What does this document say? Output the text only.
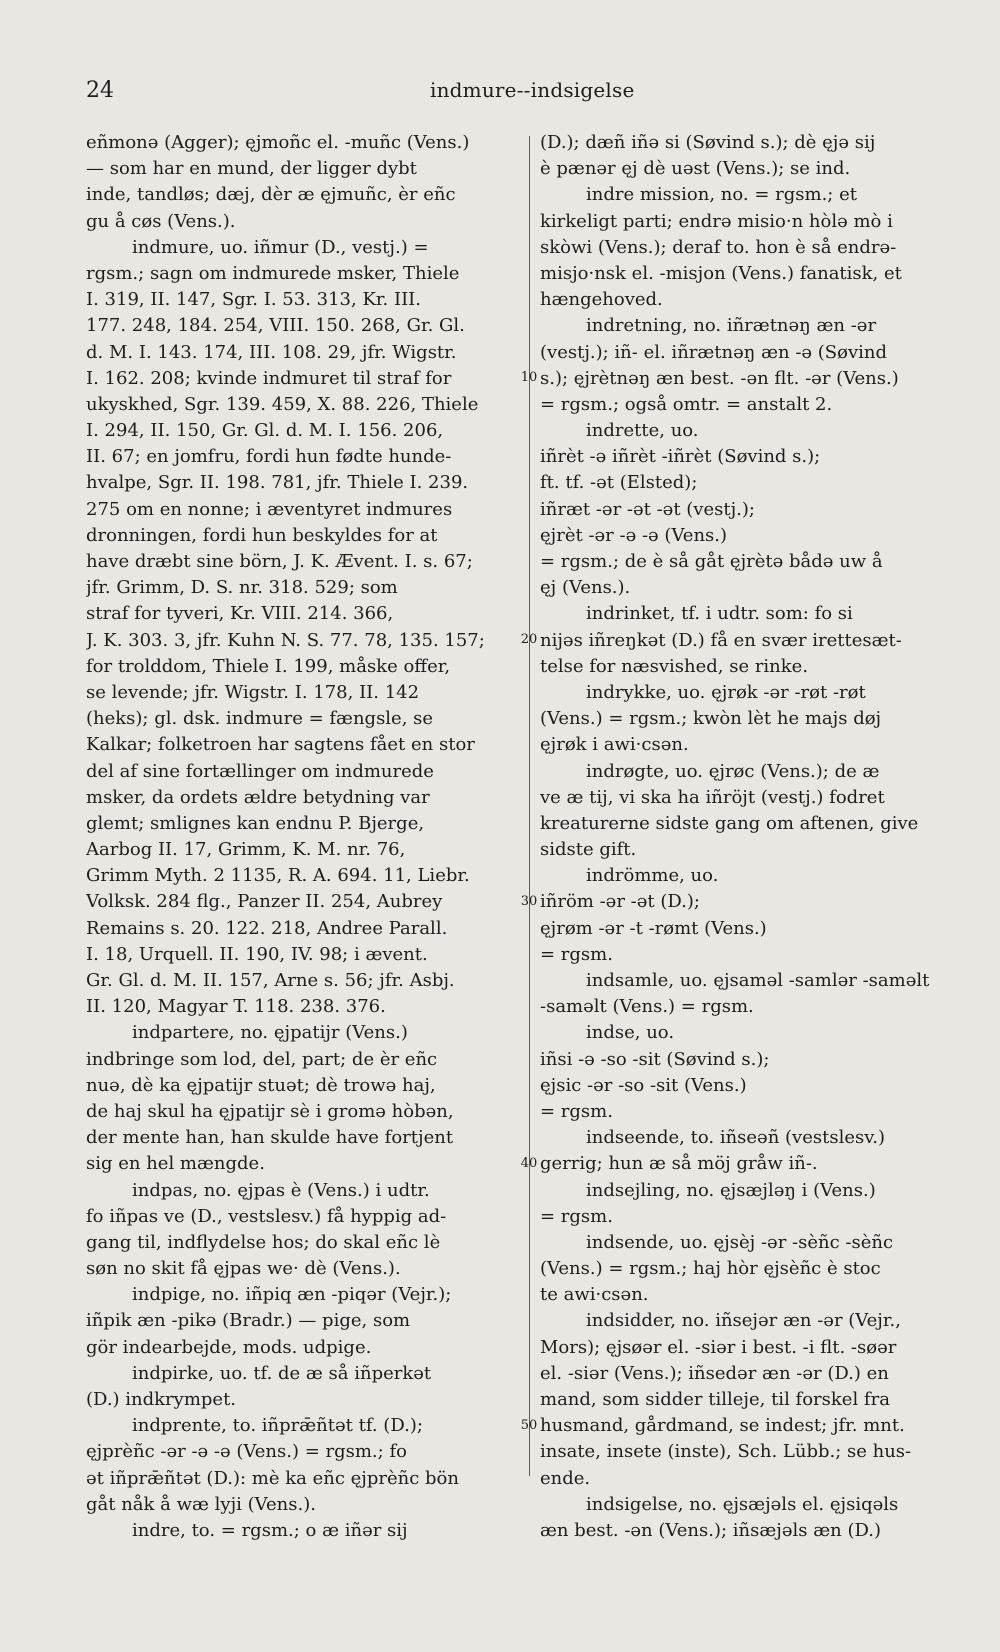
24	indmure--indsigelse
eñmonə (Agger); ęjmoñc el. -muñc (Vens.)
— som har en mund, der ligger dybt
inde, tandløs; dæj, dèr æ ęjmuñc, èr eñc
gu å cøs (Vens.).
indmure, uo. iñmur (D., vestj.) =
rgsm.; sagn om indmurede msker, Thiele
I. 319, II. 147, Sgr. I. 53. 313, Kr. III.
177. 248, 184. 254, VIII. 150. 268, Gr. Gl.
d. M. I. 143. 174, III. 108. 29, jfr. Wigstr.
I. 162. 208; kvinde indmuret til straf for
ukyskhed, Sgr. 139. 459, X. 88. 226, Thiele
I. 294, II. 150, Gr. Gl. d. M. I. 156. 206,
II. 67; en jomfru, fordi hun fødte hunde-
hvalpe, Sgr. II. 198. 781, jfr. Thiele I. 239.
275 om en nonne; i æventyret indmures
dronningen, fordi hun beskyldes for at
have dræbt sine börn, J. K. Ævent. I. s. 67;
jfr. Grimm, D. S. nr. 318. 529; som
straf for tyveri, Kr. VIII. 214. 366,
J. K. 303. 3, jfr. Kuhn N. S. 77. 78, 135. 157;
for trolddom, Thiele I. 199, måske offer,
se levende; jfr. Wigstr. I. 178, II. 142
(heks); gl. dsk. indmure = fængsle, se
Kalkar; folketroen har sagtens fået en stor
del af sine fortællinger om indmurede
msker, da ordets ældre betydning var
glemt; smlignes kan endnu P. Bjerge,
Aarbog II. 17, Grimm, K. M. nr. 76,
Grimm Myth. 2 1135, R. A. 694. 11, Liebr.
Volksk. 284 flg., Panzer II. 254, Aubrey
Remains s. 20. 122. 218, Andree Parall.
I. 18, Urquell. II. 190, IV. 98; i ævent.
Gr. Gl. d. M. II. 157, Arne s. 56; jfr. Asbj.
II. 120, Magyar T. 118. 238. 376.
indpartere, no. ęjpatijr (Vens.)
indbringe som lod, del, part; de èr eñc
nuə, dè ka ęjpatijr stuət; dè trowə haj,
de haj skul ha ęjpatijr sè i gromə hòbən,
der mente han, han skulde have fortjent
sig en hel mængde.
indpas, no. ęjpas è (Vens.) i udtr.
fo iñpas ve (D., vestslesv.) få hyppig ad-
gang til, indflydelse hos; do skal eñc lè
søn no skit få ęjpas we· dè (Vens.).
indpige, no. iñpiq æn -piqər (Vejr.);
iñpik æn -pikə (Bradr.) — pige, som
gör indearbejde, mods. udpige.
indpirke, uo. tf. de æ så iñperkət
(D.) indkrympet.
indprente, to. iñprǣñtət tf. (D.);
ęjprèñc -ər -ə -ə (Vens.) = rgsm.; fo
ət iñprǣñtət (D.): mè ka eñc ęjprèñc bön
gåt nåk å wæ lyji (Vens.).
indre, to. = rgsm.; o æ iñər sij
(D.); dæñ iñə si (Søvind s.); dè ęjə sij
è pænər ęj dè uəst (Vens.); se ind.
indre mission, no. = rgsm.; et
kirkeligt parti; endrə misio·n hòlə mò i
skòwi (Vens.); deraf to. hon è så endrə-
misjo·nsk el. -misjon (Vens.) fanatisk, et
hængehoved.
indretning, no. iñrætnəŋ æn -ər
(vestj.); iñ- el. iñrætnəŋ æn -ə (Søvind
s.); ęjrètnəŋ æn best. -ən flt. -ər (Vens.)
= rgsm.; også omtr. = anstalt 2.
indrette, uo.
iñrèt -ə iñrèt -iñrèt (Søvind s.);
ft. tf. -ət (Elsted);
iñræt -ər -ət -ət (vestj.);
ęjrèt -ər -ə -ə (Vens.)
= rgsm.; de è så gåt ęjrètə bådə uw å
ęj (Vens.).
indrinket, tf. i udtr. som: fo si
nijəs iñreŋkət (D.) få en svær irettesæt-
telse for næsvished, se rinke.
indrykke, uo. ęjrøk -ər -røt -røt
(Vens.) = rgsm.; kwòn lèt he majs døj
ęjrøk i awi·csən.
indrøgte, uo. ęjrøc (Vens.); de æ
ve æ tij, vi ska ha iñröjt (vestj.) fodret
kreaturerne sidste gang om aftenen, give
sidste gift.
indrömme, uo.
iñröm -ər -ət (D.);
ęjrøm -ər -t -rømt (Vens.)
= rgsm.
indsamle, uo. ęjsaməl -samlər -saməlt
-saməlt (Vens.) = rgsm.
indse, uo.
iñsi -ə -so -sit (Søvind s.);
ęjsic -ər -so -sit (Vens.)
= rgsm.
indseende, to. iñseəñ (vestslesv.)
gerrig; hun æ så möj gråw iñ-.
indsejling, no. ęjsæjləŋ i (Vens.)
= rgsm.
indsende, uo. ęjsèj -ər -sèñc -sèñc
(Vens.) = rgsm.; haj hòr ęjsèñc è stoc
te awi·csən.
indsidder, no. iñsejər æn -ər (Vejr.,
Mors); ęjsøər el. -siər i best. -i flt. -søər
el. -siər (Vens.); iñsedər æn -ər (D.) en
mand, som sidder tilleje, til forskel fra
husmand, gårdmand, se indest; jfr. mnt.
insate, insete (inste), Sch. Lübb.; se hus-
ende.
indsigelse, no. ęjsæjəls el. ęjsiqəls
æn best. -ən (Vens.); iñsæjəls æn (D.)
10
20
30
40
50
